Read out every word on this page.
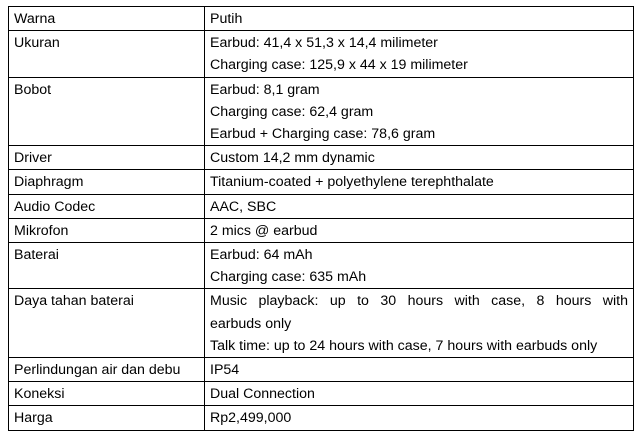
Warna	Putih

Ukuran	Earbud: 41,4 x 51,3 x 14,4 milimeter
Charging case: 125,9 x 44 x 19 milimeter

Bobot	Earbud: 8,1 gram
Charging case: 62,4 gram
Earbud + Charging case: 78,6 gram

Driver	Custom 14,2 mm dynamic

Diaphragm	Titanium-coated + polyethylene terephthalate

Audio Codec	AAC, SBC

Mikrofon	2 mics @ earbud

Baterai	Earbud: 64 mAh
Charging case: 635 mAh

Daya tahan baterai	Music playback: up to 30 hours with case, 8 hours with
earbuds only
Talk time: up to 24 hours with case, 7 hours with earbuds only

Perlindungan air dan debu	IP54

Koneksi	Dual Connection

Harga	Rp2,499,000
